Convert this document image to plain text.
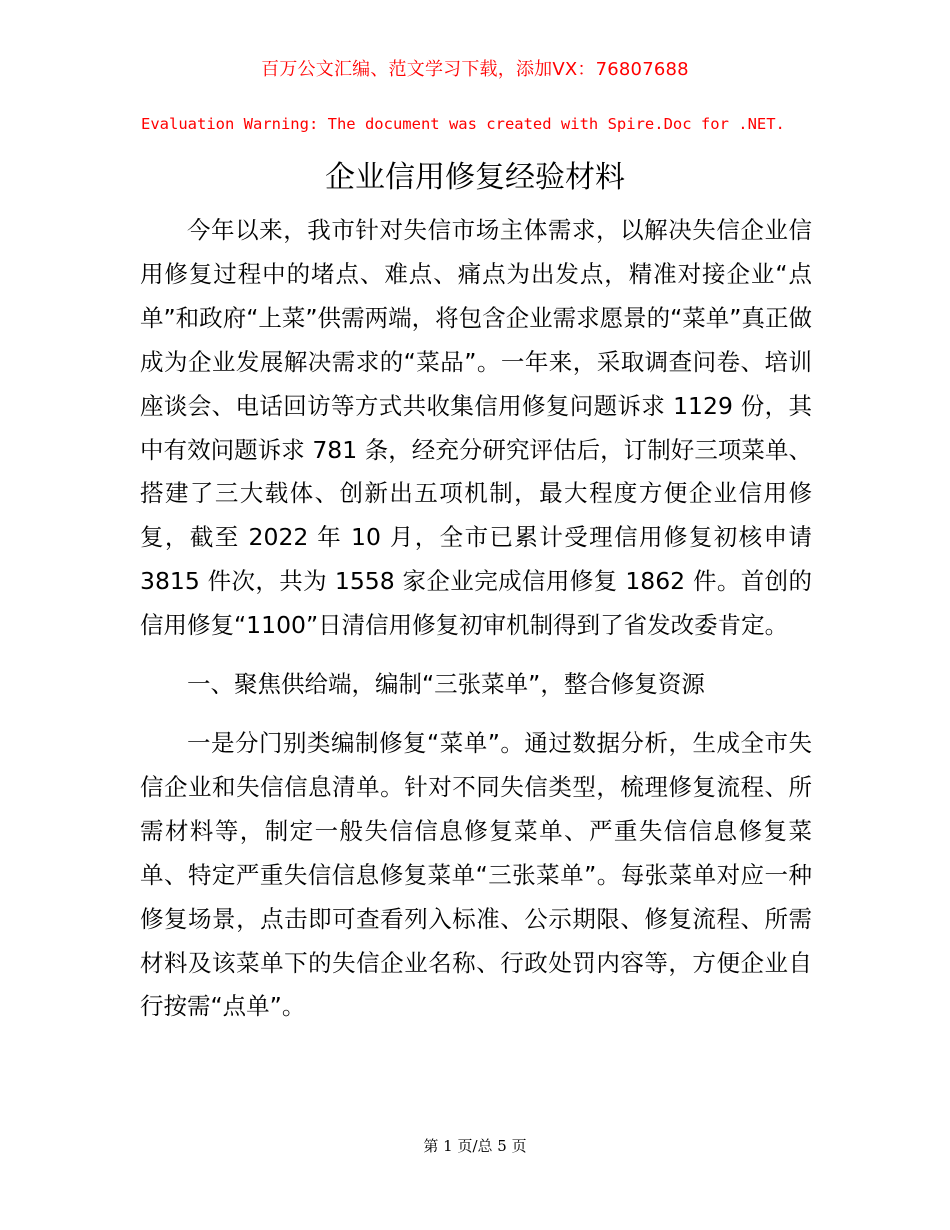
百万公文汇编、范文学习下载，添加VX：76807688
Evaluation Warning: The document was created with Spire.Doc for .NET.
企业信用修复经验材料

今年以来，我市针对失信市场主体需求，以解决失信企业信用修复过程中的堵点、难点、痛点为出发点，精准对接企业“点单”和政府“上菜”供需两端，将包含企业需求愿景的“菜单”真正做成为企业发展解决需求的“菜品”。一年来，采取调查问卷、培训座谈会、电话回访等方式共收集信用修复问题诉求 1129 份，其中有效问题诉求 781 条，经充分研究评估后，订制好三项菜单、搭建了三大载体、创新出五项机制，最大程度方便企业信用修复，截至 2022 年 10 月，全市已累计受理信用修复初核申请 3815 件次，共为 1558 家企业完成信用修复 1862 件。首创的信用修复“1100”日清信用修复初审机制得到了省发改委肯定。

一、聚焦供给端，编制“三张菜单”，整合修复资源

一是分门别类编制修复“菜单”。通过数据分析，生成全市失信企业和失信信息清单。针对不同失信类型，梳理修复流程、所需材料等，制定一般失信信息修复菜单、严重失信信息修复菜单、特定严重失信信息修复菜单“三张菜单”。每张菜单对应一种修复场景，点击即可查看列入标准、公示期限、修复流程、所需材料及该菜单下的失信企业名称、行政处罚内容等，方便企业自行按需“点单”。

第 1 页/总 5 页
